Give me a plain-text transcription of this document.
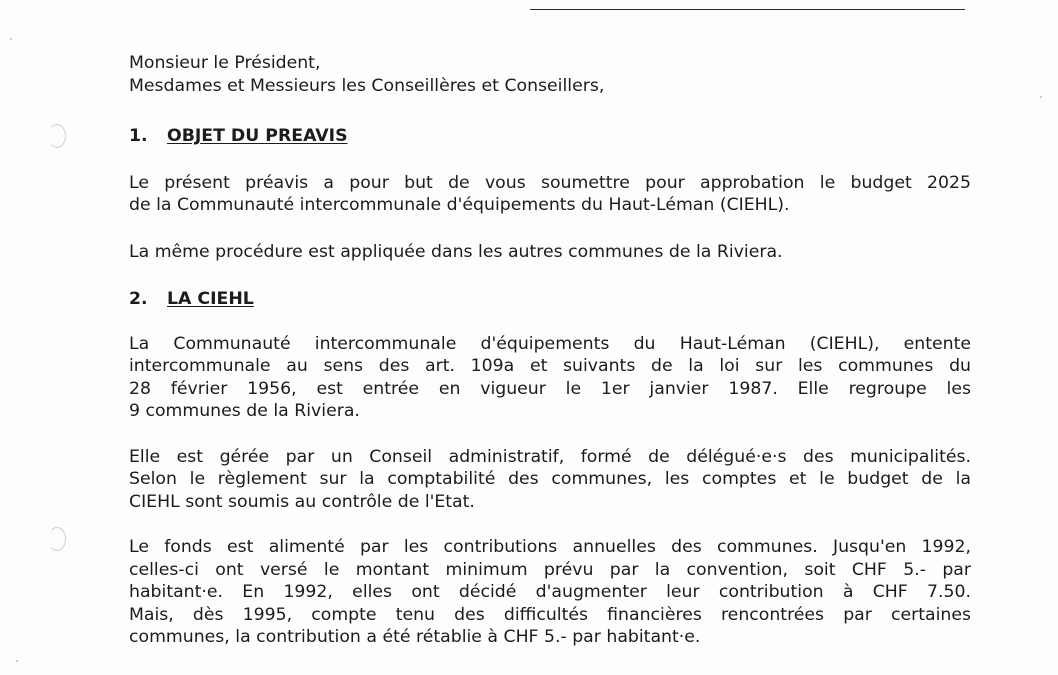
Monsieur le Président,
Mesdames et Messieurs les Conseillères et Conseillers,
1. OBJET DU PREAVIS
Le présent préavis a pour but de vous soumettre pour approbation le budget 2025
de la Communauté intercommunale d'équipements du Haut-Léman (CIEHL).
La même procédure est appliquée dans les autres communes de la Riviera.
2. LA CIEHL
La Communauté intercommunale d'équipements du Haut-Léman (CIEHL), entente
intercommunale au sens des art. 109a et suivants de la loi sur les communes du
28 février 1956, est entrée en vigueur le 1er janvier 1987. Elle regroupe les
9 communes de la Riviera.
Elle est gérée par un Conseil administratif, formé de délégué·e·s des municipalités.
Selon le règlement sur la comptabilité des communes, les comptes et le budget de la
CIEHL sont soumis au contrôle de l'Etat.
Le fonds est alimenté par les contributions annuelles des communes. Jusqu'en 1992,
celles-ci ont versé le montant minimum prévu par la convention, soit CHF 5.- par
habitant·e. En 1992, elles ont décidé d'augmenter leur contribution à CHF 7.50.
Mais, dès 1995, compte tenu des difficultés financières rencontrées par certaines
communes, la contribution a été rétablie à CHF 5.- par habitant·e.
